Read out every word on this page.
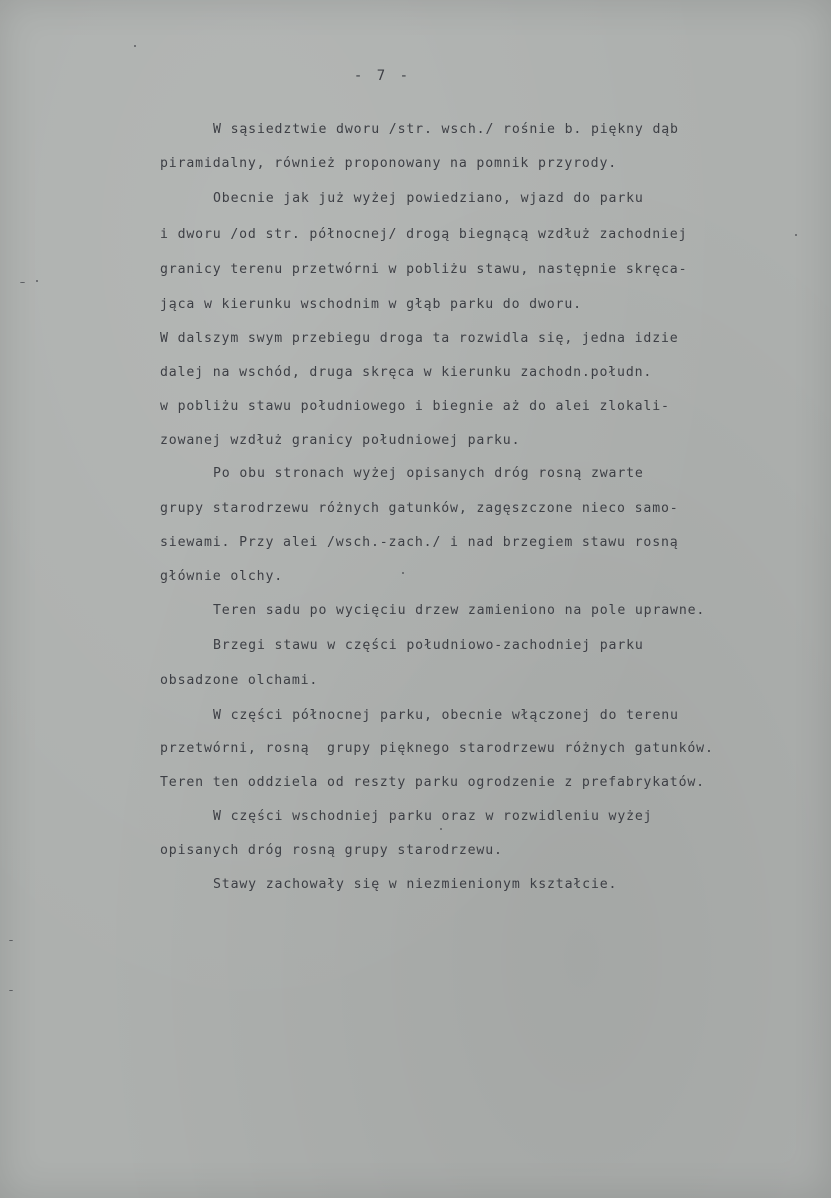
- 7 -
W sąsiedztwie dworu /str. wsch./ rośnie b. piękny dąb
piramidalny, również proponowany na pomnik przyrody.
Obecnie jak już wyżej powiedziano, wjazd do parku
i dworu /od str. północnej/ drogą biegnącą wzdłuż zachodniej
granicy terenu przetwórni w pobliżu stawu, następnie skręca-
jąca w kierunku wschodnim w głąb parku do dworu.
W dalszym swym przebiegu droga ta rozwidla się, jedna idzie
dalej na wschód, druga skręca w kierunku zachodn.połudn.
w pobliżu stawu południowego i biegnie aż do alei zlokali-
zowanej wzdłuż granicy południowej parku.
Po obu stronach wyżej opisanych dróg rosną zwarte
grupy starodrzewu różnych gatunków, zagęszczone nieco samo-
siewami. Przy alei /wsch.-zach./ i nad brzegiem stawu rosną
głównie olchy.
Teren sadu po wycięciu drzew zamieniono na pole uprawne.
Brzegi stawu w części południowo-zachodniej parku
obsadzone olchami.
W części północnej parku, obecnie włączonej do terenu
przetwórni, rosną  grupy pięknego starodrzewu różnych gatunków.
Teren ten oddziela od reszty parku ogrodzenie z prefabrykatów.
W części wschodniej parku oraz w rozwidleniu wyżej
opisanych dróg rosną grupy starodrzewu.
Stawy zachowały się w niezmienionym kształcie.
